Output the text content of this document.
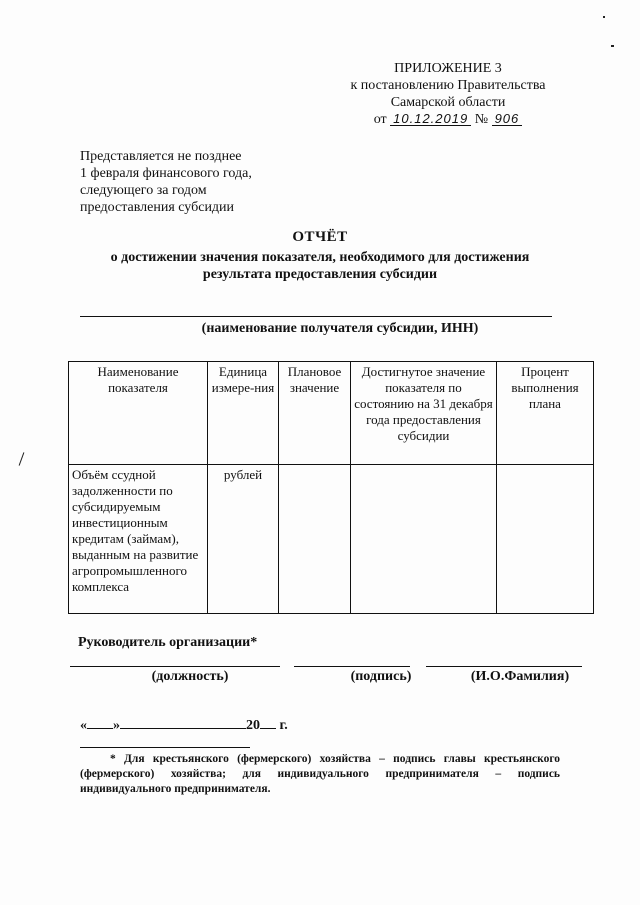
ПРИЛОЖЕНИЕ 3
к постановлению Правительства
Самарской области
от 10.12.2019 № 906
Представляется не позднее
1 февраля финансового года,
следующего за годом
предоставления субсидии
ОТЧЁТ
о достижении значения показателя, необходимого для достижения
результата предоставления субсидии
(наименование получателя субсидии, ИНН)
Наименование показателя	Единица измере-ния	Плановое значение	Достигнутое значение показателя по состоянию на 31 декабря года предоставления субсидии	Процент выполнения плана
Объём ссудной задолженности по субсидируемым инвестиционным кредитам (займам), выданным на развитие агропромышленного комплекса	рублей			
Руководитель организации*
(должность)	(подпись)	(И.О.Фамилия)
« »	20 г.
* Для крестьянского (фермерского) хозяйства – подпись главы крестьянского (фермерского) хозяйства; для индивидуального предпринимателя – подпись индивидуального предпринимателя.
